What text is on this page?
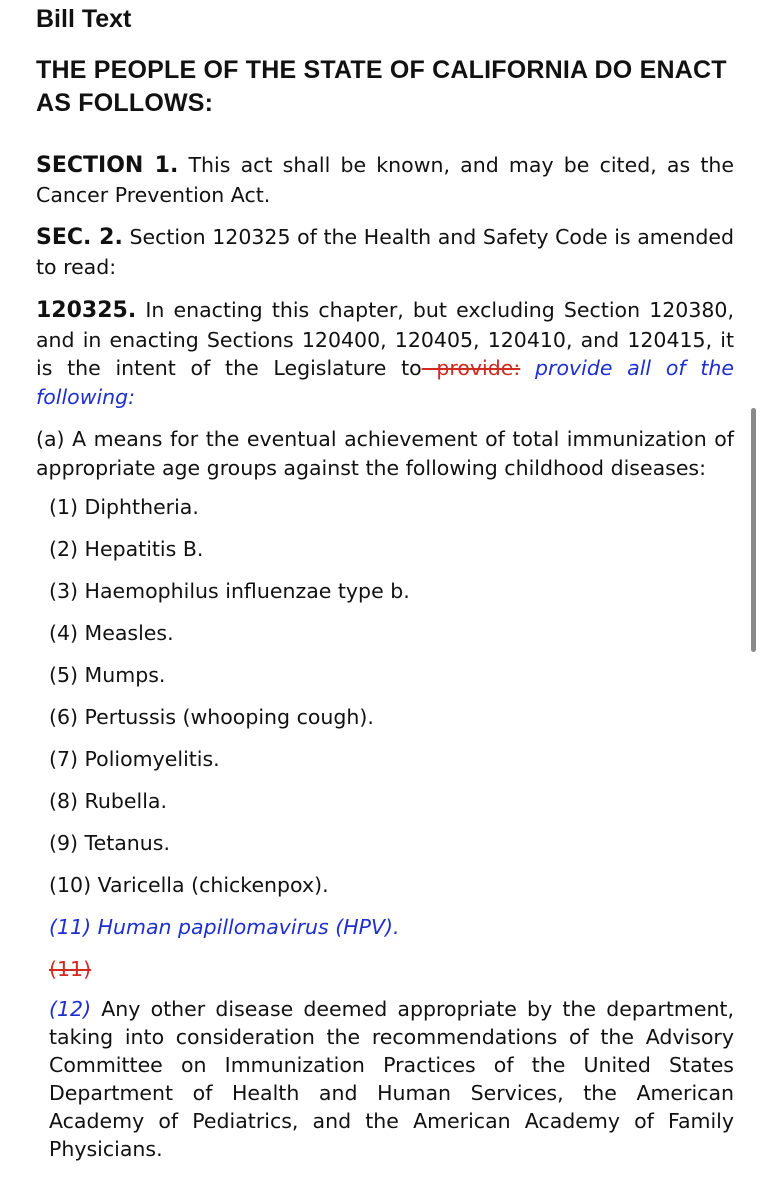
Bill Text
THE PEOPLE OF THE STATE OF CALIFORNIA DO ENACT AS FOLLOWS:

SECTION 1. This act shall be known, and may be cited, as the Cancer Prevention Act.

SEC. 2. Section 120325 of the Health and Safety Code is amended to read:

120325. In enacting this chapter, but excluding Section 120380, and in enacting Sections 120400, 120405, 120410, and 120415, it is the intent of the Legislature to provide: provide all of the following:

(a) A means for the eventual achievement of total immunization of appropriate age groups against the following childhood diseases:

(1) Diphtheria.
(2) Hepatitis B.
(3) Haemophilus influenzae type b.
(4) Measles.
(5) Mumps.
(6) Pertussis (whooping cough).
(7) Poliomyelitis.
(8) Rubella.
(9) Tetanus.
(10) Varicella (chickenpox).
(11) Human papillomavirus (HPV).
(11)

(12) Any other disease deemed appropriate by the department, taking into consideration the recommendations of the Advisory Committee on Immunization Practices of the United States Department of Health and Human Services, the American Academy of Pediatrics, and the American Academy of Family Physicians.
